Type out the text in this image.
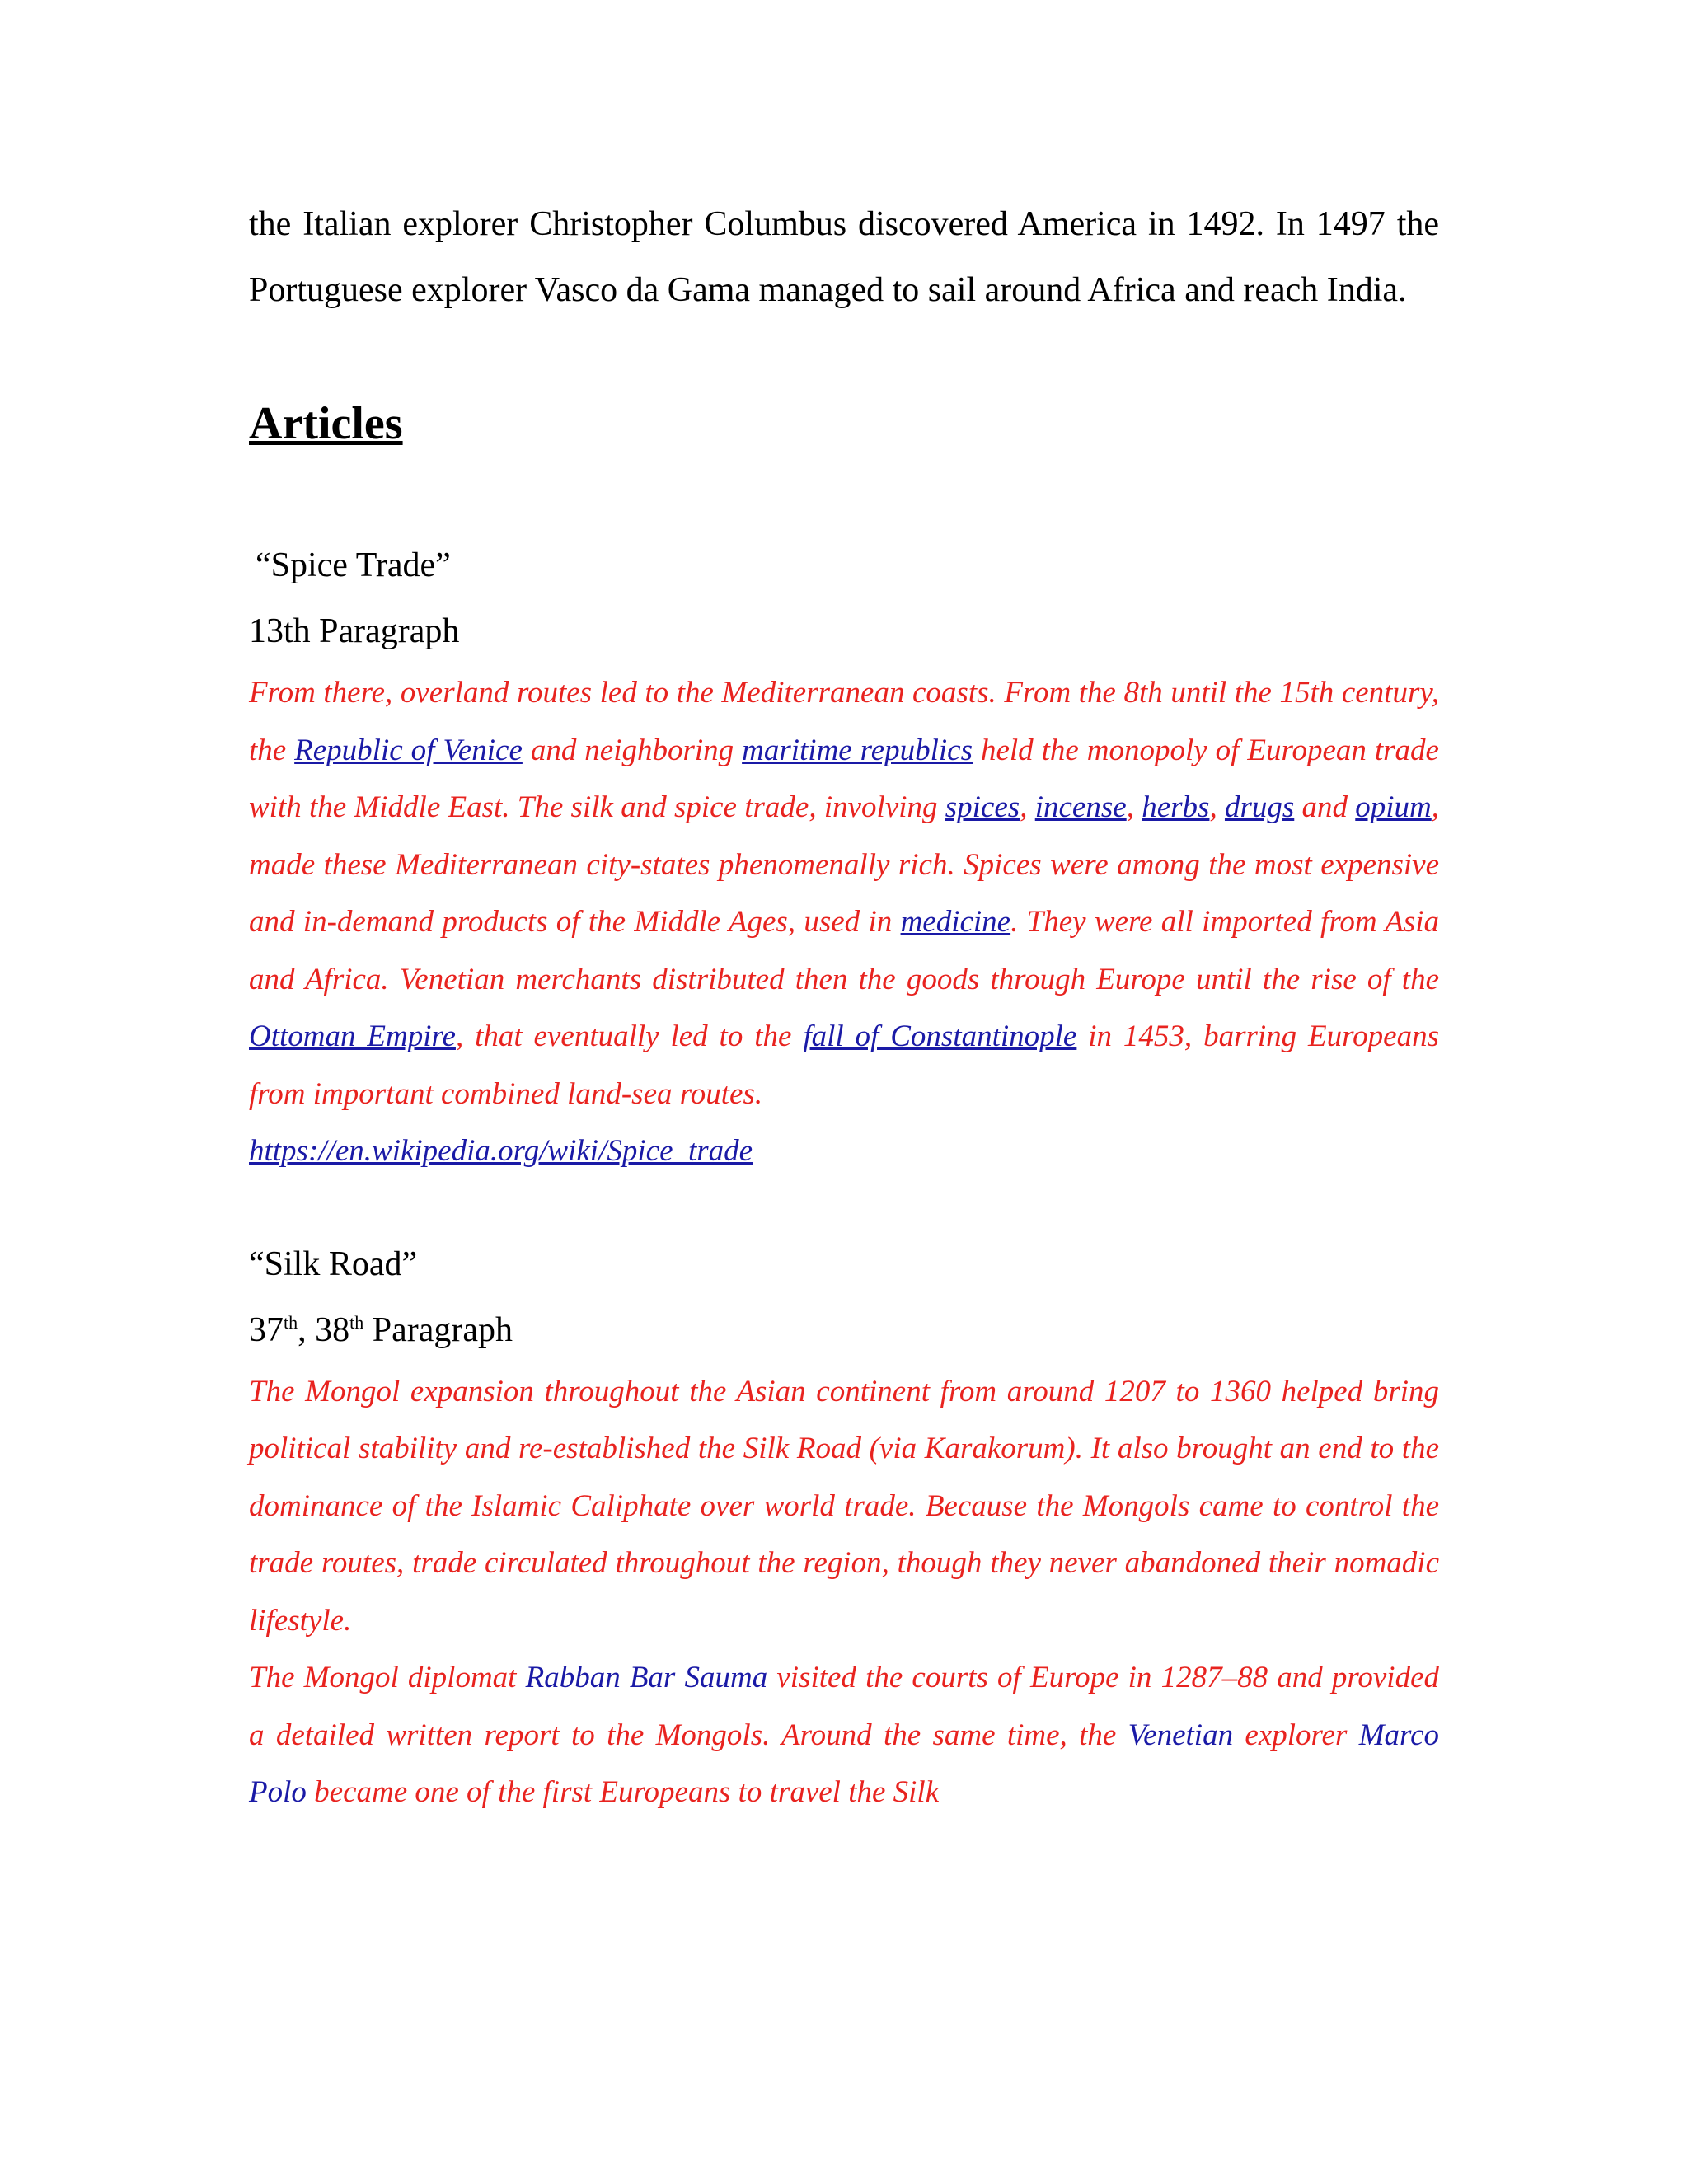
the Italian explorer Christopher Columbus discovered America in 1492. In 1497 the Portuguese explorer Vasco da Gama managed to sail around Africa and reach India.

Articles

“Spice Trade”

13th Paragraph

From there, overland routes led to the Mediterranean coasts. From the 8th until the 15th century, the Republic of Venice and neighboring maritime republics held the monopoly of European trade with the Middle East. The silk and spice trade, involving spices, incense, herbs, drugs and opium, made these Mediterranean city-states phenomenally rich. Spices were among the most expensive and in-demand products of the Middle Ages, used in medicine. They were all imported from Asia and Africa. Venetian merchants distributed then the goods through Europe until the rise of the Ottoman Empire, that eventually led to the fall of Constantinople in 1453, barring Europeans from important combined land-sea routes.

https://en.wikipedia.org/wiki/Spice_trade

“Silk Road”

37th, 38th Paragraph

The Mongol expansion throughout the Asian continent from around 1207 to 1360 helped bring political stability and re-established the Silk Road (via Karakorum). It also brought an end to the dominance of the Islamic Caliphate over world trade. Because the Mongols came to control the trade routes, trade circulated throughout the region, though they never abandoned their nomadic lifestyle.

The Mongol diplomat Rabban Bar Sauma visited the courts of Europe in 1287–88 and provided a detailed written report to the Mongols. Around the same time, the Venetian explorer Marco Polo became one of the first Europeans to travel the Silk
